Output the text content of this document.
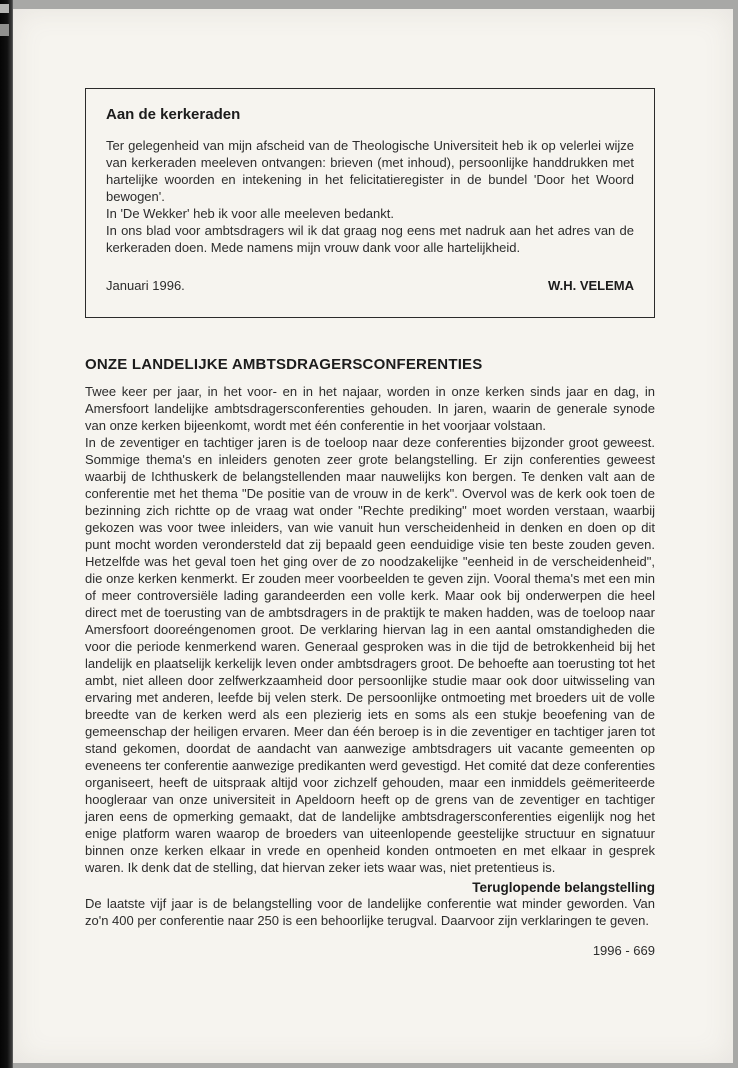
Aan de kerkeraden

Ter gelegenheid van mijn afscheid van de Theologische Universiteit heb ik op velerlei wijze van kerkeraden meeleven ontvangen: brieven (met inhoud), persoonlijke handdrukken met hartelijke woorden en intekening in het felicitatieregister in de bundel 'Door het Woord bewogen'.

In 'De Wekker' heb ik voor alle meeleven bedankt.

In ons blad voor ambtsdragers wil ik dat graag nog eens met nadruk aan het adres van de kerkeraden doen. Mede namens mijn vrouw dank voor alle hartelijkheid.

Januari 1996.	W.H. VELEMA
ONZE LANDELIJKE AMBTSDRAGERSCONFERENTIES

Twee keer per jaar, in het voor- en in het najaar, worden in onze kerken sinds jaar en dag, in Amersfoort landelijke ambtsdragersconferenties gehouden. In jaren, waarin de generale synode van onze kerken bijeenkomt, wordt met één conferentie in het voorjaar volstaan.

In de zeventiger en tachtiger jaren is de toeloop naar deze conferenties bijzonder groot geweest. Sommige thema's en inleiders genoten zeer grote belangstelling. Er zijn conferenties geweest waarbij de Ichthuskerk de belangstellenden maar nauwelijks kon bergen. Te denken valt aan de conferentie met het thema "De positie van de vrouw in de kerk". Overvol was de kerk ook toen de bezinning zich richtte op de vraag wat onder "Rechte prediking" moet worden verstaan, waarbij gekozen was voor twee inleiders, van wie vanuit hun verscheidenheid in denken en doen op dit punt mocht worden verondersteld dat zij bepaald geen eenduidige visie ten beste zouden geven. Hetzelfde was het geval toen het ging over de zo noodzakelijke "eenheid in de verscheidenheid", die onze kerken kenmerkt. Er zouden meer voorbeelden te geven zijn. Vooral thema's met een min of meer controversiële lading garandeerden een volle kerk. Maar ook bij onderwerpen die heel direct met de toerusting van de ambtsdragers in de praktijk te maken hadden, was de toeloop naar Amersfoort dooreéngenomen groot. De verklaring hiervan lag in een aantal omstandigheden die voor die periode kenmerkend waren. Generaal gesproken was in die tijd de betrokkenheid bij het landelijk en plaatselijk kerkelijk leven onder ambtsdragers groot. De behoefte aan toerusting tot het ambt, niet alleen door zelfwerkzaamheid door persoonlijke studie maar ook door uitwisseling van ervaring met anderen, leefde bij velen sterk. De persoonlijke ontmoeting met broeders uit de volle breedte van de kerken werd als een plezierig iets en soms als een stukje beoefening van de gemeenschap der heiligen ervaren. Meer dan één beroep is in die zeventiger en tachtiger jaren tot stand gekomen, doordat de aandacht van aanwezige ambtsdragers uit vacante gemeenten op eveneens ter conferentie aanwezige predikanten werd gevestigd. Het comité dat deze conferenties organiseert, heeft de uitspraak altijd voor zichzelf gehouden, maar een inmiddels geëmeriteerde hoogleraar van onze universiteit in Apeldoorn heeft op de grens van de zeventiger en tachtiger jaren eens de opmerking gemaakt, dat de landelijke ambtsdragersconferenties eigenlijk nog het enige platform waren waarop de broeders van uiteenlopende geestelijke structuur en signatuur binnen onze kerken elkaar in vrede en openheid konden ontmoeten en met elkaar in gesprek waren. Ik denk dat de stelling, dat hiervan zeker iets waar was, niet pretentieus is.

Teruglopende belangstelling

De laatste vijf jaar is de belangstelling voor de landelijke conferentie wat minder geworden. Van zo'n 400 per conferentie naar 250 is een behoorlijke terugval. Daarvoor zijn verklaringen te geven.

1996 - 669
